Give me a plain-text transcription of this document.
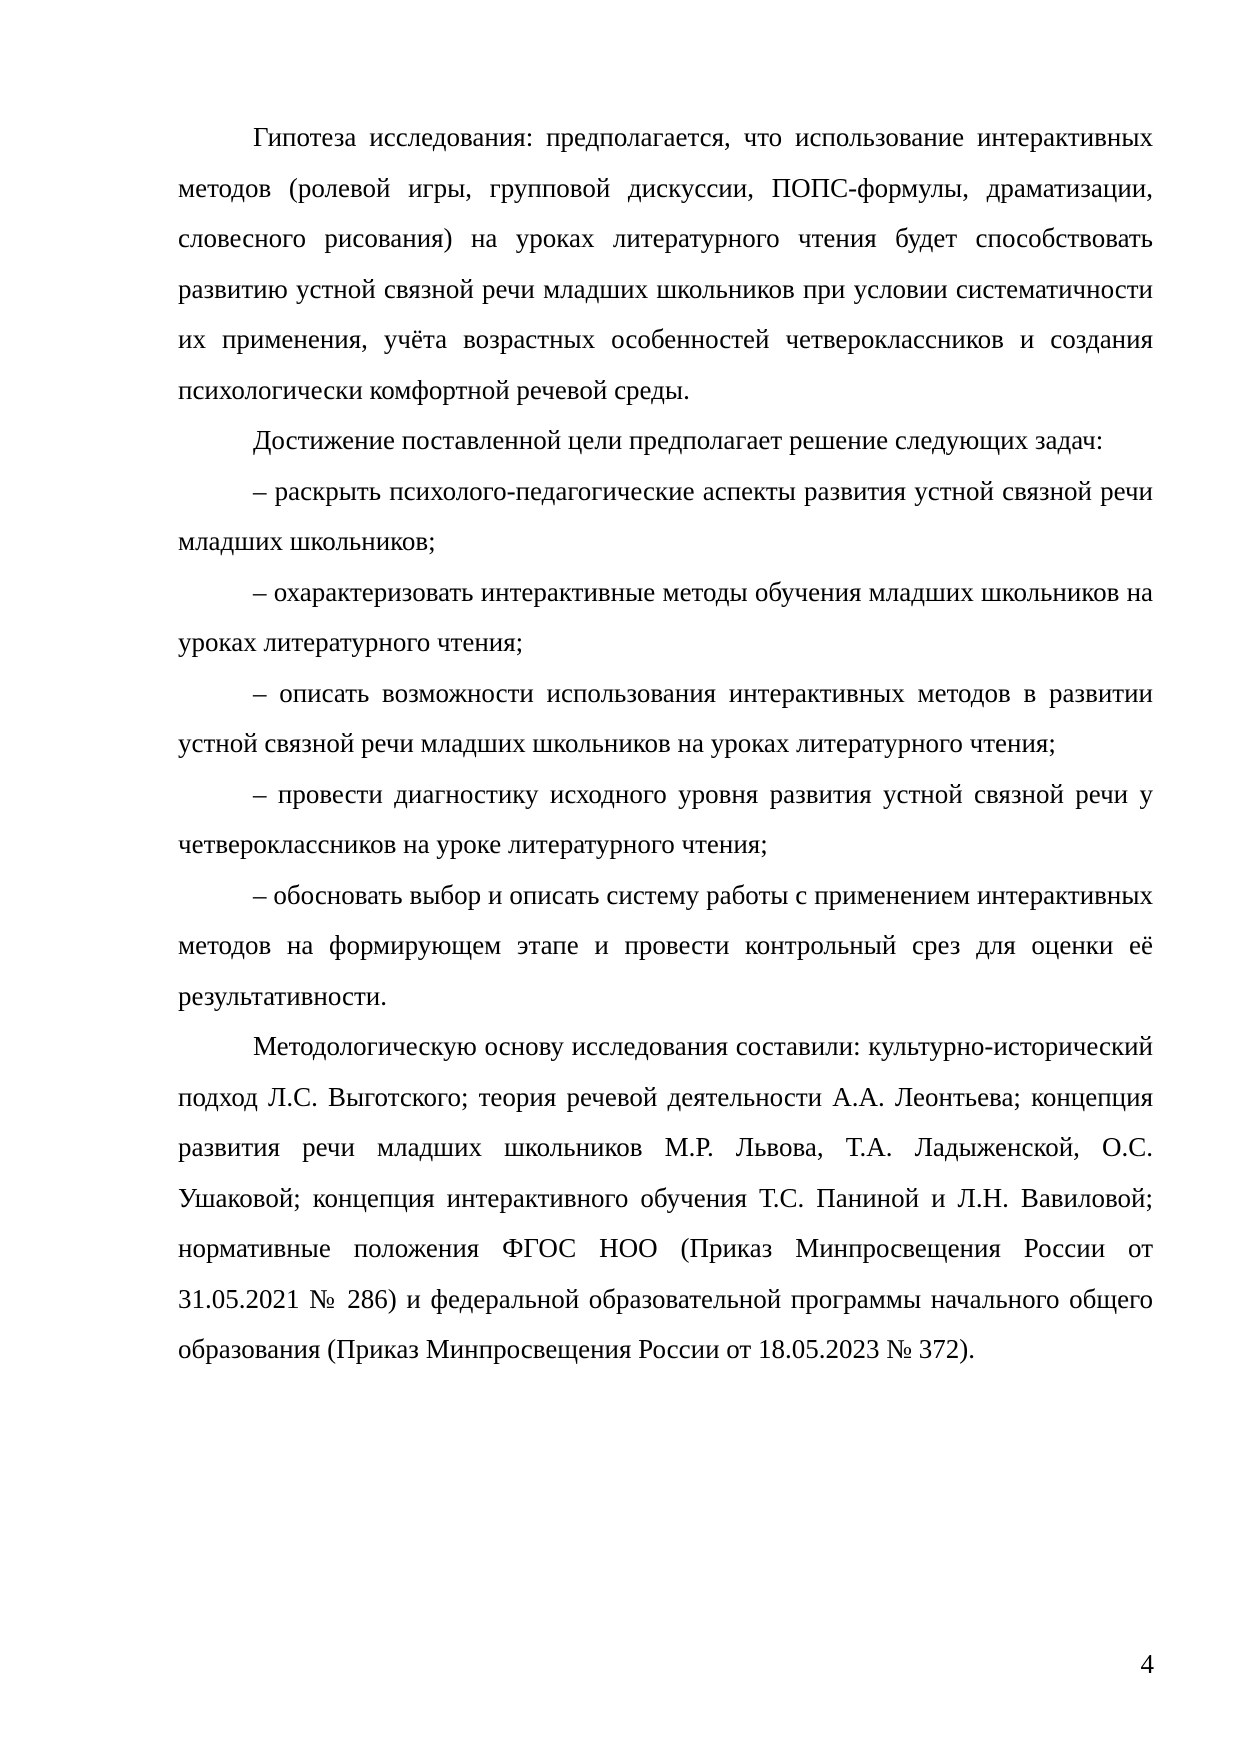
Гипотеза исследования: предполагается, что использование интерактивных методов (ролевой игры, групповой дискуссии, ПОПС-формулы, драматизации, словесного рисования) на уроках литературного чтения будет способствовать развитию устной связной речи младших школьников при условии систематичности их применения, учёта возрастных особенностей четвероклассников и создания психологически комфортной речевой среды.

Достижение поставленной цели предполагает решение следующих задач:

– раскрыть психолого-педагогические аспекты развития устной связной речи младших школьников;

– охарактеризовать интерактивные методы обучения младших школьников на уроках литературного чтения;

– описать возможности использования интерактивных методов в развитии устной связной речи младших школьников на уроках литературного чтения;

– провести диагностику исходного уровня развития устной связной речи у четвероклассников на уроке литературного чтения;

– обосновать выбор и описать систему работы с применением интерактивных методов на формирующем этапе и провести контрольный срез для оценки её результативности.

Методологическую основу исследования составили: культурно-исторический подход Л.С. Выготского; теория речевой деятельности А.А. Леонтьева; концепция развития речи младших школьников М.Р. Львова, Т.А. Ладыженской, О.С. Ушаковой; концепция интерактивного обучения Т.С. Паниной и Л.Н. Вавиловой; нормативные положения ФГОС НОО (Приказ Минпросвещения России от 31.05.2021 № 286) и федеральной образовательной программы начального общего образования (Приказ Минпросвещения России от 18.05.2023 № 372).

4
